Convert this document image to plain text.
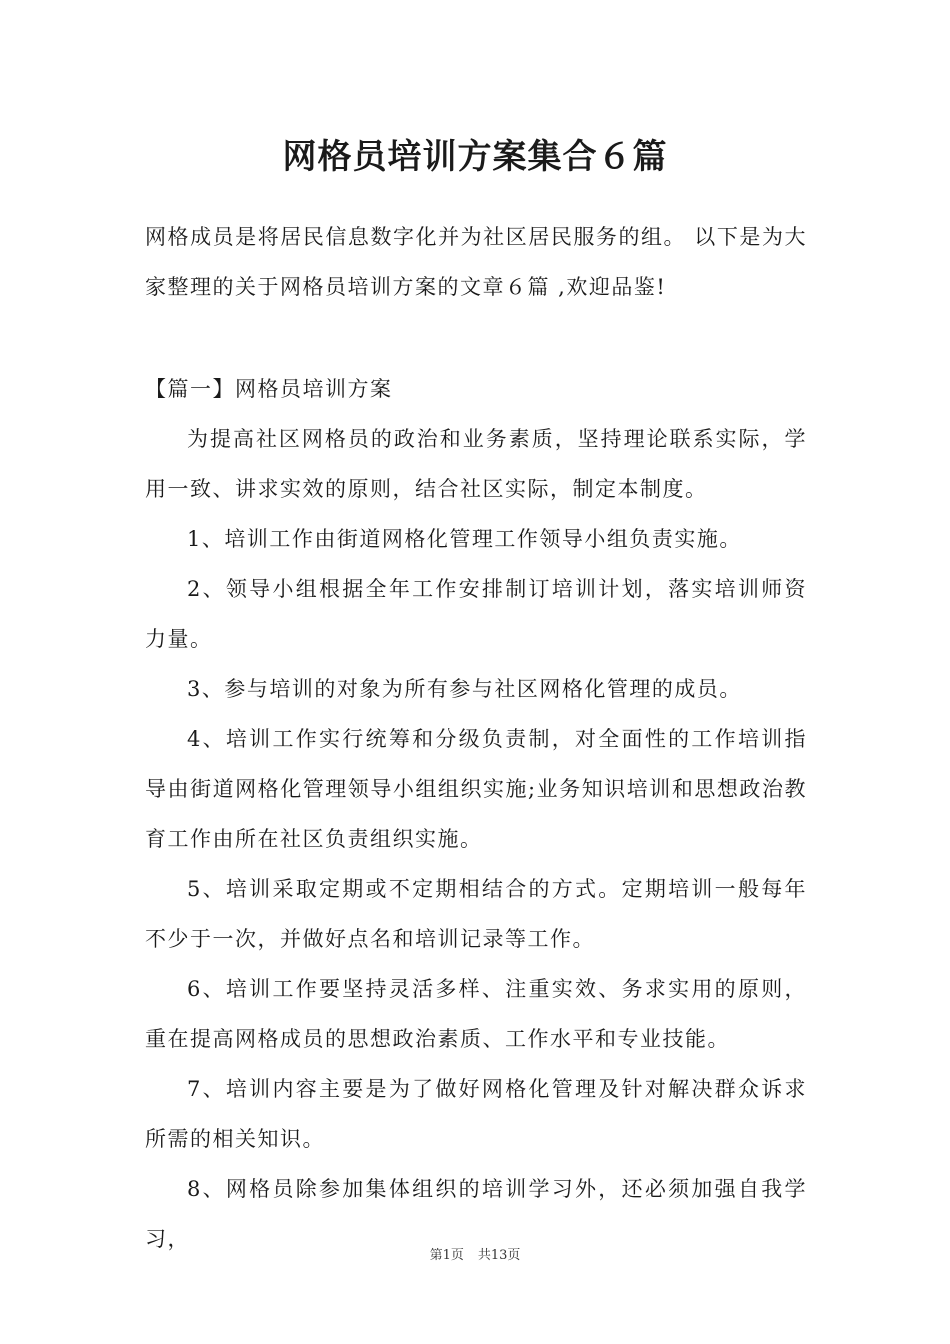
网格员培训方案集合６篇

网格成员是将居民信息数字化并为社区居民服务的组。 以下是为大家整理的关于网格员培训方案的文章６篇 ,欢迎品鉴!

【篇一】网格员培训方案

为提高社区网格员的政治和业务素质，坚持理论联系实际，学用一致、讲求实效的原则，结合社区实际，制定本制度。

1、培训工作由街道网格化管理工作领导小组负责实施。

2、领导小组根据全年工作安排制订培训计划，落实培训师资力量。

3、参与培训的对象为所有参与社区网格化管理的成员。

4、培训工作实行统筹和分级负责制，对全面性的工作培训指导由街道网格化管理领导小组组织实施;业务知识培训和思想政治教育工作由所在社区负责组织实施。

5、培训采取定期或不定期相结合的方式。定期培训一般每年不少于一次，并做好点名和培训记录等工作。

6、培训工作要坚持灵活多样、注重实效、务求实用的原则，重在提高网格成员的思想政治素质、工作水平和专业技能。

7、培训内容主要是为了做好网格化管理及针对解决群众诉求所需的相关知识。

8、网格员除参加集体组织的培训学习外，还必须加强自我学习，

第1页 共13页
